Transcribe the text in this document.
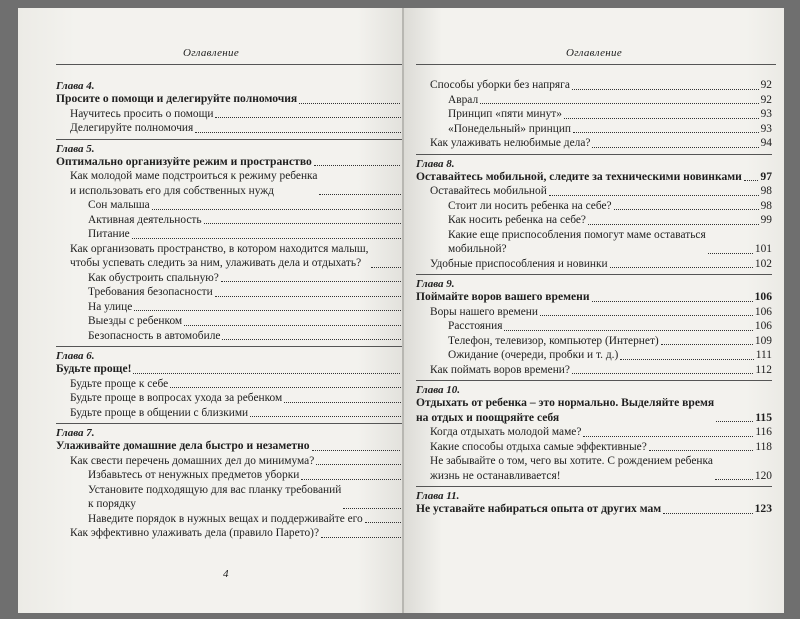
Оглавление
Глава 4.
Просите о помощи и делегируйте полномочия
Научитесь просить о помощи
Делегируйте полномочия
Глава 5.
Оптимально организуйте режим и пространство
Как молодой маме подстроиться к режиму ребенка
и использовать его для собственных нужд
Сон малыша
Активная деятельность
Питание
Как организовать пространство, в котором находится малыш,
чтобы успевать следить за ним, улаживать дела и отдыхать?
Как обустроить спальную?
Требования безопасности
На улице
Выезды с ребенком
Безопасность в автомобиле
Глава 6.
Будьте проще!
Будьте проще к себе
Будьте проще в вопросах ухода за ребенком
Будьте проще в общении с близкими
Глава 7.
Улаживайте домашние дела быстро и незаметно
Как свести перечень домашних дел до минимума?
Избавьтесь от ненужных предметов уборки
Установите подходящую для вас планку требований
к порядку
Наведите порядок в нужных вещах и поддерживайте его
Как эффективно улаживать дела (правило Парето)?
4
Оглавление
Способы уборки без напряга	92
Аврал	92
Принцип «пяти минут»	93
«Понедельный» принцип	93
Как улаживать нелюбимые дела?	94
Глава 8.
Оставайтесь мобильной, следите за техническими новинками 97
Оставайтесь мобильной	98
Стоит ли носить ребенка на себе?	98
Как носить ребенка на себе?	99
Какие еще приспособления помогут маме оставаться
мобильной?	101
Удобные приспособления и новинки	102
Глава 9.
Поймайте воров вашего времени	106
Воры нашего времени	106
Расстояния	106
Телефон, телевизор, компьютер (Интернет)	109
Ожидание (очереди, пробки и т. д.)	111
Как поймать воров времени?	112
Глава 10.
Отдыхать от ребенка – это нормально. Выделяйте время
на отдых и поощряйте себя	115
Когда отдыхать молодой маме?	116
Какие способы отдыха самые эффективные?	118
Не забывайте о том, чего вы хотите. С рождением ребенка
жизнь не останавливается!	120
Глава 11.
Не уставайте набираться опыта от других мам	123
